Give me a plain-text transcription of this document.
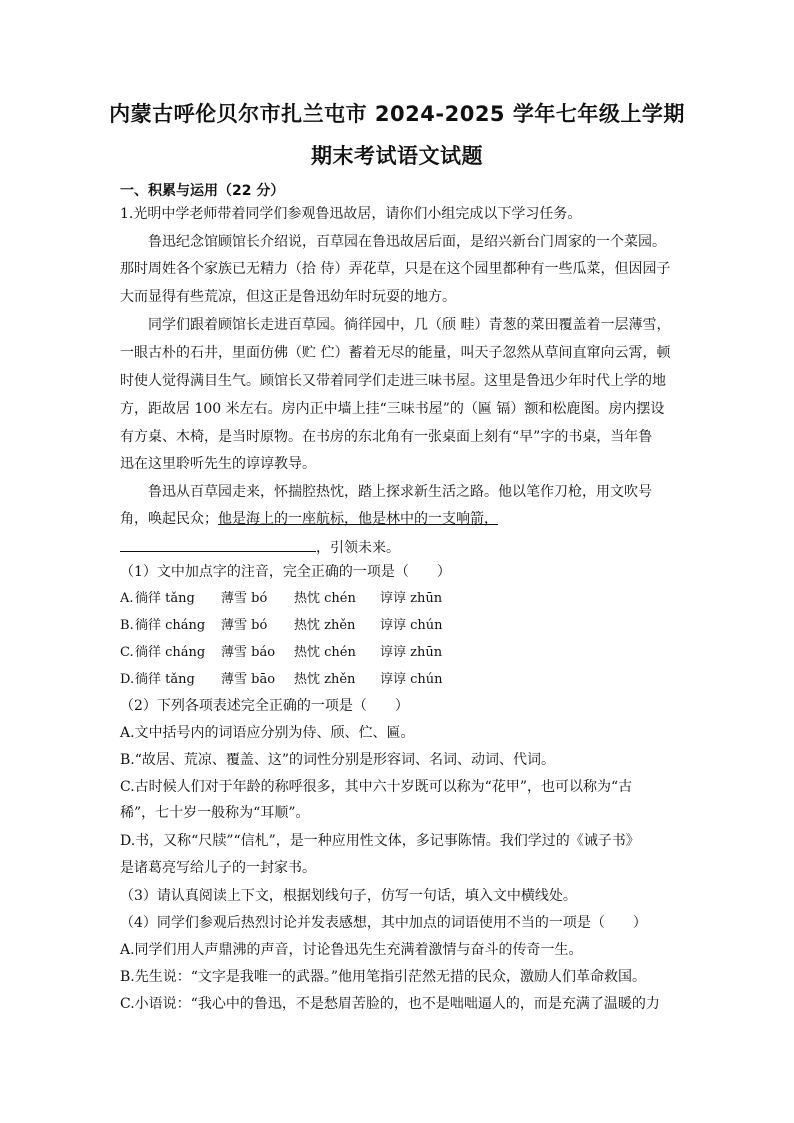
内蒙古呼伦贝尔市扎兰屯市 2024-2025 学年七年级上学期
期末考试语文试题
一、积累与运用（22 分）
1.光明中学老师带着同学们参观鲁迅故居，请你们小组完成以下学习任务。
鲁迅纪念馆顾馆长介绍说，百草园在鲁迅故居后面，是绍兴新台门周家的一个菜园。
那时周姓各个家族已无精力（拾 侍）弄花草，只是在这个园里都种有一些瓜菜，但因园子
大而显得有些荒凉，但这正是鲁迅幼年时玩耍的地方。
同学们跟着顾馆长走进百草园。徜徉园中，几（颀 畦）青葱的菜田覆盖着一层薄雪，
一眼古朴的石井，里面仿佛（贮 伫）蓄着无尽的能量，叫天子忽然从草间直窜向云霄，顿
时使人觉得满目生气。顾馆长又带着同学们走进三味书屋。这里是鲁迅少年时代上学的地
方，距故居 100 米左右。房内正中墙上挂“三味书屋”的（匾 镉）额和松鹿图。房内摆设
有方桌、木椅，是当时原物。在书房的东北角有一张桌面上刻有“早”字的书桌，当年鲁
迅在这里聆听先生的谆谆教导。
鲁迅从百草园走来，怀揣腔热忱，踏上探求新生活之路。他以笔作刀枪，用文吹号
角，唤起民众；他是海上的一座航标，他是林中的一支响箭，
，引领未来。
（1）文中加点字的注音，完全正确的一项是（　　）
A. 徜徉 tǎng 薄雪 bó 热忱 chén 谆谆 zhūn
B. 徜徉 cháng 薄雪 bó 热忱 zhěn 谆谆 chún
C. 徜徉 cháng 薄雪 báo 热忱 chén 谆谆 zhūn
D. 徜徉 tǎng 薄雪 bāo 热忱 zhěn 谆谆 chún
（2）下列各项表述完全正确的一项是（　　）
A.文中括号内的词语应分别为侍、颀、伫、匾。
B.“故居、荒凉、覆盖、这”的词性分别是形容词、名词、动词、代词。
C.古时候人们对于年龄的称呼很多，其中六十岁既可以称为“花甲”，也可以称为“古
稀”，七十岁一般称为“耳顺”。
D.书，又称“尺牍”“信札”，是一种应用性文体，多记事陈情。我们学过的《诫子书》
是诸葛亮写给儿子的一封家书。
（3）请认真阅读上下文，根据划线句子，仿写一句话，填入文中横线处。
（4）同学们参观后热烈讨论并发表感想，其中加点的词语使用不当的一项是（　　）
A.同学们用人声鼎沸的声音，讨论鲁迅先生充满着激情与奋斗的传奇一生。
B.先生说：“文字是我唯一的武器。”他用笔指引茫然无措的民众，激励人们革命救国。
C.小语说：“我心中的鲁迅，不是愁眉苦脸的，也不是咄咄逼人的，而是充满了温暖的力
